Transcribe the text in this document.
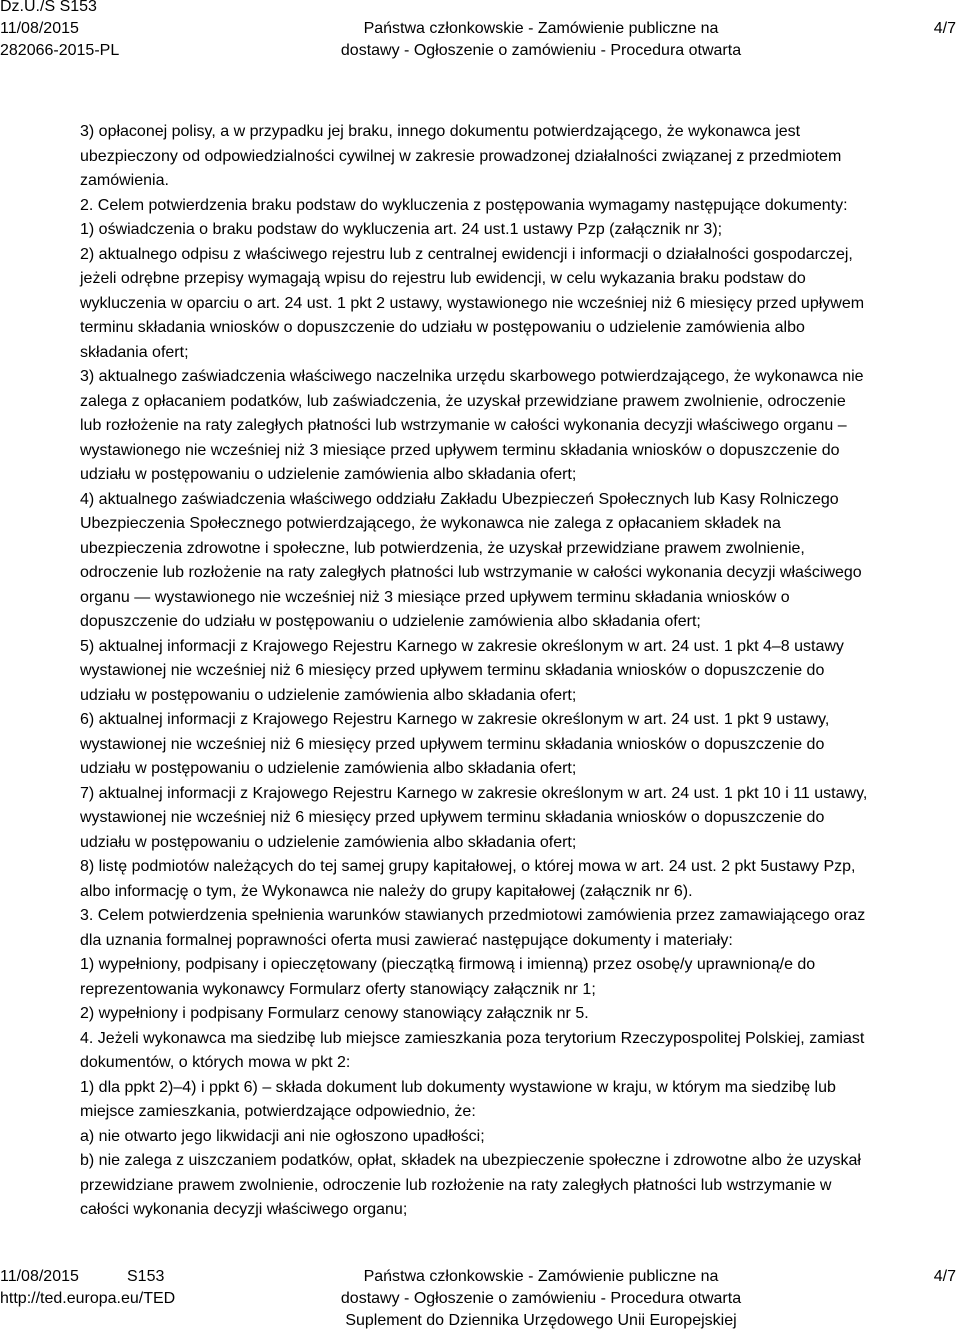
Dz.U./S S153
11/08/2015
282066-2015-PL
Państwa członkowskie - Zamówienie publiczne na
dostawy - Ogłoszenie o zamówieniu - Procedura otwarta
4/7

3) opłaconej polisy, a w przypadku jej braku, innego dokumentu potwierdzającego, że wykonawca jest

ubezpieczony od odpowiedzialności cywilnej w zakresie prowadzonej działalności związanej z przedmiotem

zamówienia.

2. Celem potwierdzenia braku podstaw do wykluczenia z postępowania wymagamy następujące dokumenty:

1) oświadczenia o braku podstaw do wykluczenia art. 24 ust.1 ustawy Pzp (załącznik nr 3);

2) aktualnego odpisu z właściwego rejestru lub z centralnej ewidencji i informacji o działalności gospodarczej,

jeżeli odrębne przepisy wymagają wpisu do rejestru lub ewidencji, w celu wykazania braku podstaw do

wykluczenia w oparciu o art. 24 ust. 1 pkt 2 ustawy, wystawionego nie wcześniej niż 6 miesięcy przed upływem

terminu składania wniosków o dopuszczenie do udziału w postępowaniu o udzielenie zamówienia albo

składania ofert;

3) aktualnego zaświadczenia właściwego naczelnika urzędu skarbowego potwierdzającego, że wykonawca nie

zalega z opłacaniem podatków, lub zaświadczenia, że uzyskał przewidziane prawem zwolnienie, odroczenie

lub rozłożenie na raty zaległych płatności lub wstrzymanie w całości wykonania decyzji właściwego organu –

wystawionego nie wcześniej niż 3 miesiące przed upływem terminu składania wniosków o dopuszczenie do

udziału w postępowaniu o udzielenie zamówienia albo składania ofert;

4) aktualnego zaświadczenia właściwego oddziału Zakładu Ubezpieczeń Społecznych lub Kasy Rolniczego

Ubezpieczenia Społecznego potwierdzającego, że wykonawca nie zalega z opłacaniem składek na

ubezpieczenia zdrowotne i społeczne, lub potwierdzenia, że uzyskał przewidziane prawem zwolnienie,

odroczenie lub rozłożenie na raty zaległych płatności lub wstrzymanie w całości wykonania decyzji właściwego

organu — wystawionego nie wcześniej niż 3 miesiące przed upływem terminu składania wniosków o

dopuszczenie do udziału w postępowaniu o udzielenie zamówienia albo składania ofert;

5) aktualnej informacji z Krajowego Rejestru Karnego w zakresie określonym w art. 24 ust. 1 pkt 4–8 ustawy

wystawionej nie wcześniej niż 6 miesięcy przed upływem terminu składania wniosków o dopuszczenie do

udziału w postępowaniu o udzielenie zamówienia albo składania ofert;

6) aktualnej informacji z Krajowego Rejestru Karnego w zakresie określonym w art. 24 ust. 1 pkt 9 ustawy,

wystawionej nie wcześniej niż 6 miesięcy przed upływem terminu składania wniosków o dopuszczenie do

udziału w postępowaniu o udzielenie zamówienia albo składania ofert;

7) aktualnej informacji z Krajowego Rejestru Karnego w zakresie określonym w art. 24 ust. 1 pkt 10 i 11 ustawy,

wystawionej nie wcześniej niż 6 miesięcy przed upływem terminu składania wniosków o dopuszczenie do

udziału w postępowaniu o udzielenie zamówienia albo składania ofert;

8) listę podmiotów należących do tej samej grupy kapitałowej, o której mowa w art. 24 ust. 2 pkt 5ustawy Pzp,

albo informację o tym, że Wykonawca nie należy do grupy kapitałowej (załącznik nr 6).

3. Celem potwierdzenia spełnienia warunków stawianych przedmiotowi zamówienia przez zamawiającego oraz

dla uznania formalnej poprawności oferta musi zawierać następujące dokumenty i materiały:

1) wypełniony, podpisany i opieczętowany (pieczątką firmową i imienną) przez osobę/y uprawnioną/e do

reprezentowania wykonawcy Formularz oferty stanowiący załącznik nr 1;

2) wypełniony i podpisany Formularz cenowy stanowiący załącznik nr 5.

4. Jeżeli wykonawca ma siedzibę lub miejsce zamieszkania poza terytorium Rzeczypospolitej Polskiej, zamiast

dokumentów, o których mowa w pkt 2:

1) dla ppkt 2)–4) i ppkt 6) – składa dokument lub dokumenty wystawione w kraju, w którym ma siedzibę lub

miejsce zamieszkania, potwierdzające odpowiednio, że:

a) nie otwarto jego likwidacji ani nie ogłoszono upadłości;

b) nie zalega z uiszczaniem podatków, opłat, składek na ubezpieczenie społeczne i zdrowotne albo że uzyskał

przewidziane prawem zwolnienie, odroczenie lub rozłożenie na raty zaległych płatności lub wstrzymanie w

całości wykonania decyzji właściwego organu;

11/08/2015
http://ted.europa.eu/TED
S153	Państwa członkowskie - Zamówienie publiczne na
dostawy - Ogłoszenie o zamówieniu - Procedura otwarta
Suplement do Dziennika Urzędowego Unii Europejskiej
4/7
